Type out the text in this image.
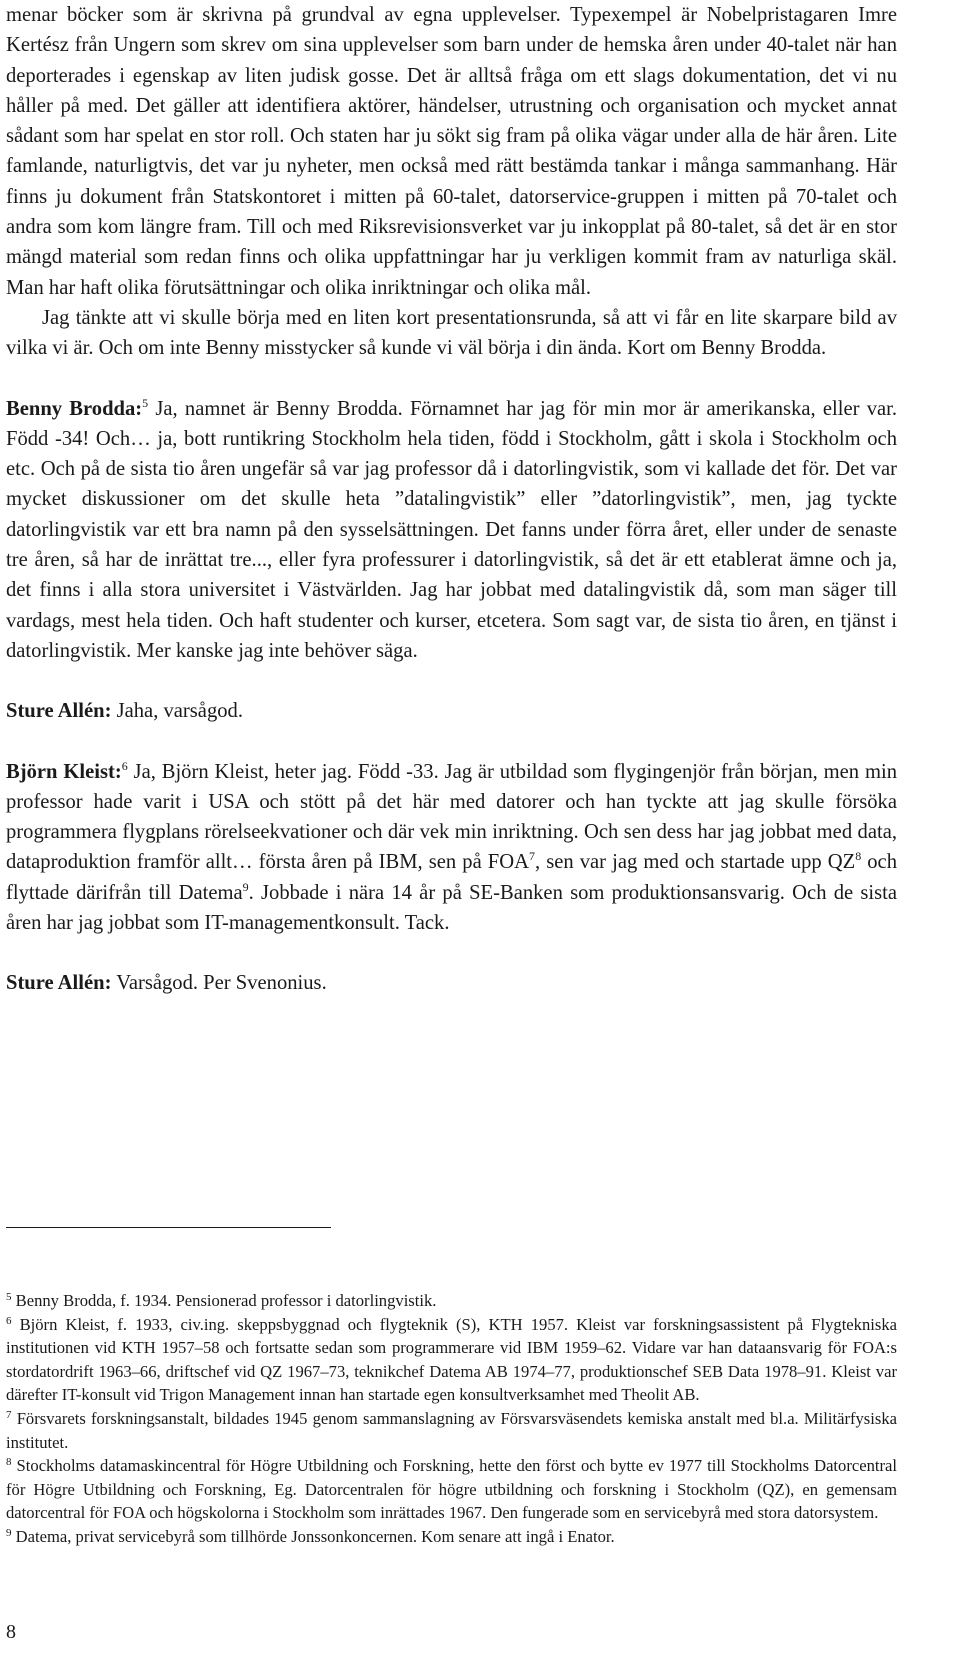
menar böcker som är skrivna på grundval av egna upplevelser. Typexempel är Nobelpristagaren Imre Kertész från Ungern som skrev om sina upplevelser som barn under de hemska åren under 40-talet när han deporterades i egenskap av liten judisk gosse. Det är alltså fråga om ett slags dokumentation, det vi nu håller på med. Det gäller att identifiera aktörer, händelser, utrustning och organisation och mycket annat sådant som har spelat en stor roll. Och staten har ju sökt sig fram på olika vägar under alla de här åren. Lite famlande, naturligtvis, det var ju nyheter, men också med rätt bestämda tankar i många sammanhang. Här finns ju dokument från Statskontoret i mitten på 60-talet, datorservice-gruppen i mitten på 70-talet och andra som kom längre fram. Till och med Riksrevisionsverket var ju inkopplat på 80-talet, så det är en stor mängd material som redan finns och olika uppfattningar har ju verkligen kommit fram av naturliga skäl. Man har haft olika förutsättningar och olika inriktningar och olika mål.

Jag tänkte att vi skulle börja med en liten kort presentationsrunda, så att vi får en lite skarpare bild av vilka vi är. Och om inte Benny misstycker så kunde vi väl börja i din ända. Kort om Benny Brodda.

Benny Brodda:$^5$ Ja, namnet är Benny Brodda. Förnamnet har jag för min mor är amerikanska, eller var. Född -34! Och… ja, bott runtikring Stockholm hela tiden, född i Stockholm, gått i skola i Stockholm och etc. Och på de sista tio åren ungefär så var jag professor då i datorlingvistik, som vi kallade det för. Det var mycket diskussioner om det skulle heta ”datalingvistik” eller ”datorlingvistik”, men, jag tyckte datorlingvistik var ett bra namn på den sysselsättningen. Det fanns under förra året, eller under de senaste tre åren, så har de inrättat tre..., eller fyra professurer i datorlingvistik, så det är ett etablerat ämne och ja, det finns i alla stora universitet i Västvärlden. Jag har jobbat med datalingvistik då, som man säger till vardags, mest hela tiden. Och haft studenter och kurser, etcetera. Som sagt var, de sista tio åren, en tjänst i datorlingvistik. Mer kanske jag inte behöver säga.

Sture Allén: Jaha, varsågod.

Björn Kleist:$^6$ Ja, Björn Kleist, heter jag. Född -33. Jag är utbildad som flygingenjör från början, men min professor hade varit i USA och stött på det här med datorer och han tyckte att jag skulle försöka programmera flygplans rörelseekvationer och där vek min inriktning. Och sen dess har jag jobbat med data, dataproduktion framför allt… första åren på IBM, sen på FOA$^7$, sen var jag med och startade upp $QZ^8$ och flyttade därifrån till Datema$^9$. Jobbade i nära 14 år på SE-Banken som produktionsansvarig. Och de sista åren har jag jobbat som IT-managementkonsult. Tack.

Sture Allén: Varsågod. Per Svenonius.

$^5$ Benny Brodda, f. 1934. Pensionerad professor i datorlingvistik.

$^6$ Björn Kleist, f. 1933, civ.ing. skeppsbyggnad och flygteknik (S), KTH 1957. Kleist var forskningsassistent på Flygtekniska institutionen vid KTH 1957–58 och fortsatte sedan som programmerare vid IBM 1959–62. Vidare var han dataansvarig för FOA:s stordatordrift 1963–66, driftschef vid QZ 1967–73, teknikchef Datema AB 1974–77, produktionschef SEB Data 1978–91. Kleist var därefter IT-konsult vid Trigon Management innan han startade egen konsultverksamhet med Theolit AB.

$^7$ Försvarets forskningsanstalt, bildades 1945 genom sammanslagning av Försvarsväsendets kemiska anstalt med bl.a. Militärfysiska institutet.

$^8$ Stockholms datamaskincentral för Högre Utbildning och Forskning, hette den först och bytte ev 1977 till Stockholms Datorcentral för Högre Utbildning och Forskning, Eg. Datorcentralen för högre utbildning och forskning i Stockholm (QZ), en gemensam datorcentral för FOA och högskolorna i Stockholm som inrättades 1967. Den fungerade som en servicebyrå med stora datorsystem.

$^9$ Datema, privat servicebyrå som tillhörde Jonssonkoncernen. Kom senare att ingå i Enator.

8
